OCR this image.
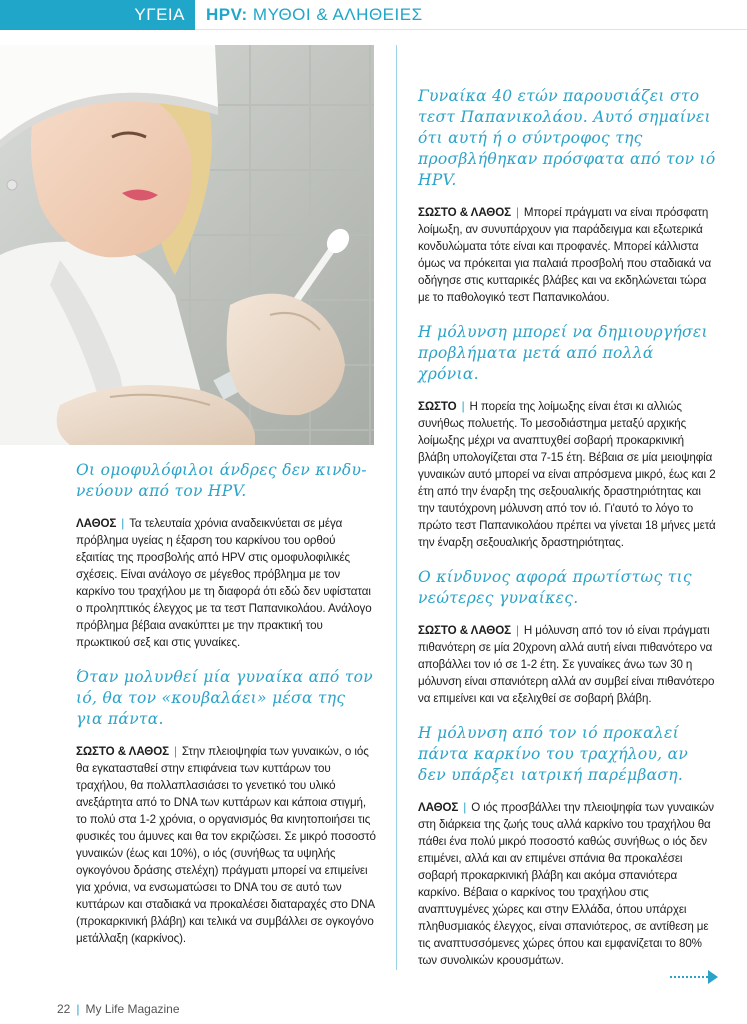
ΥΓΕΙΑ	HPV: ΜΥΘΟΙ & ΑΛΗΘΕΙΕΣ

Οι ομοφυλόφιλοι άνδρες δεν κινδυ-νεύουν από τον HPV.

ΛΑΘΟΣ | Τα τελευταία χρόνια αναδεικνύεται σε μέγα πρόβλημα υγείας η έξαρση του καρκίνου του ορθού εξαιτίας της προσβολής από HPV στις ομοφυλοφιλικές σχέσεις. Είναι ανάλογο σε μέγεθος πρόβλημα με τον καρκίνο του τραχήλου με τη διαφορά ότι εδώ δεν υφίσταται ο προληπτικός έλεγχος με τα τεστ Παπανικολάου. Ανάλογο πρόβλημα βέβαια ανακύπτει με την πρακτική του πρωκτικού σεξ και στις γυναίκες.

Όταν μολυνθεί μία γυναίκα από τον ιό, θα τον «κουβαλάει» μέσα της για πάντα.

ΣΩΣΤΟ & ΛΑΘΟΣ | Στην πλειοψηφία των γυναικών, ο ιός θα εγκατασταθεί στην επιφάνεια των κυττάρων του τραχήλου, θα πολλαπλασιάσει το γενετικό του υλικό ανεξάρτητα από το DNA των κυττάρων και κάποια στιγμή, το πολύ στα 1-2 χρόνια, ο οργανισμός θα κινητοποιήσει τις φυσικές του άμυνες και θα τον εκριζώσει. Σε μικρό ποσοστό γυναικών (έως και 10%), ο ιός (συνήθως τα υψηλής ογκογόνου δράσης στελέχη) πράγματι μπορεί να επιμείνει για χρόνια, να ενσωματώσει το DNA του σε αυτό των κυττάρων και σταδιακά να προκαλέσει διαταραχές στο DNA (προκαρκινική βλάβη) και τελικά να συμβάλλει σε ογκογόνο μετάλλαξη (καρκίνος).

Γυναίκα 40 ετών παρουσιάζει στο τεστ Παπανικολάου. Αυτό σημαίνει ότι αυτή ή ο σύντροφος της προσβλήθηκαν πρόσφατα από τον ιό HPV.

ΣΩΣΤΟ & ΛΑΘΟΣ | Μπορεί πράγματι να είναι πρόσφατη λοίμωξη, αν συνυπάρχουν για παράδειγμα και εξωτερικά κονδυλώματα τότε είναι και προφανές. Μπορεί κάλλιστα όμως να πρόκειται για παλαιά προσβολή που σταδιακά να οδήγησε στις κυτταρικές βλάβες και να εκδηλώνεται τώρα με το παθολογικό τεστ Παπανικολάου.

Η μόλυνση μπορεί να δημιουργήσει προβλήματα μετά από πολλά χρόνια.

ΣΩΣΤΟ | Η πορεία της λοίμωξης είναι έτσι κι αλλιώς συνήθως πολυετής. Το μεσοδιάστημα μεταξύ αρχικής λοίμωξης μέχρι να αναπτυχθεί σοβαρή προκαρκινική βλάβη υπολογίζεται στα 7-15 έτη. Βέβαια σε μία μειοψηφία γυναικών αυτό μπορεί να είναι απρόσμενα μικρό, έως και 2 έτη από την έναρξη της σεξουαλικής δραστηριότητας και την ταυτόχρονη μόλυνση από τον ιό. Γι'αυτό το λόγο το πρώτο τεστ Παπανικολάου πρέπει να γίνεται 18 μήνες μετά την έναρξη σεξουαλικής δραστηριότητας.

Ο κίνδυνος αφορά πρωτίστως τις νεώτερες γυναίκες.

ΣΩΣΤΟ & ΛΑΘΟΣ | Η μόλυνση από τον ιό είναι πράγματι πιθανότερη σε μία 20χρονη αλλά αυτή είναι πιθανότερο να αποβάλλει τον ιό σε 1-2 έτη. Σε γυναίκες άνω των 30 η μόλυνση είναι σπανιότερη αλλά αν συμβεί είναι πιθανότερο να επιμείνει και να εξελιχθεί σε σοβαρή βλάβη.

Η μόλυνση από τον ιό προκαλεί πάντα καρκίνο του τραχήλου, αν δεν υπάρξει ιατρική παρέμβαση.

ΛΑΘΟΣ | Ο ιός προσβάλλει την πλειοψηφία των γυναικών στη διάρκεια της ζωής τους αλλά καρκίνο του τραχήλου θα πάθει ένα πολύ μικρό ποσοστό καθώς συνήθως ο ιός δεν επιμένει, αλλά και αν επιμένει σπάνια θα προκαλέσει σοβαρή προκαρκινική βλάβη και ακόμα σπανιότερα καρκίνο. Βέβαια ο καρκίνος του τραχήλου στις αναπτυγμένες χώρες και στην Ελλάδα, όπου υπάρχει πληθυσμιακός έλεγχος, είναι σπανιότερος, σε αντίθεση με τις αναπτυσσόμενες χώρες όπου και εμφανίζεται το 80% των συνολικών κρουσμάτων.

22 | My Life Magazine
